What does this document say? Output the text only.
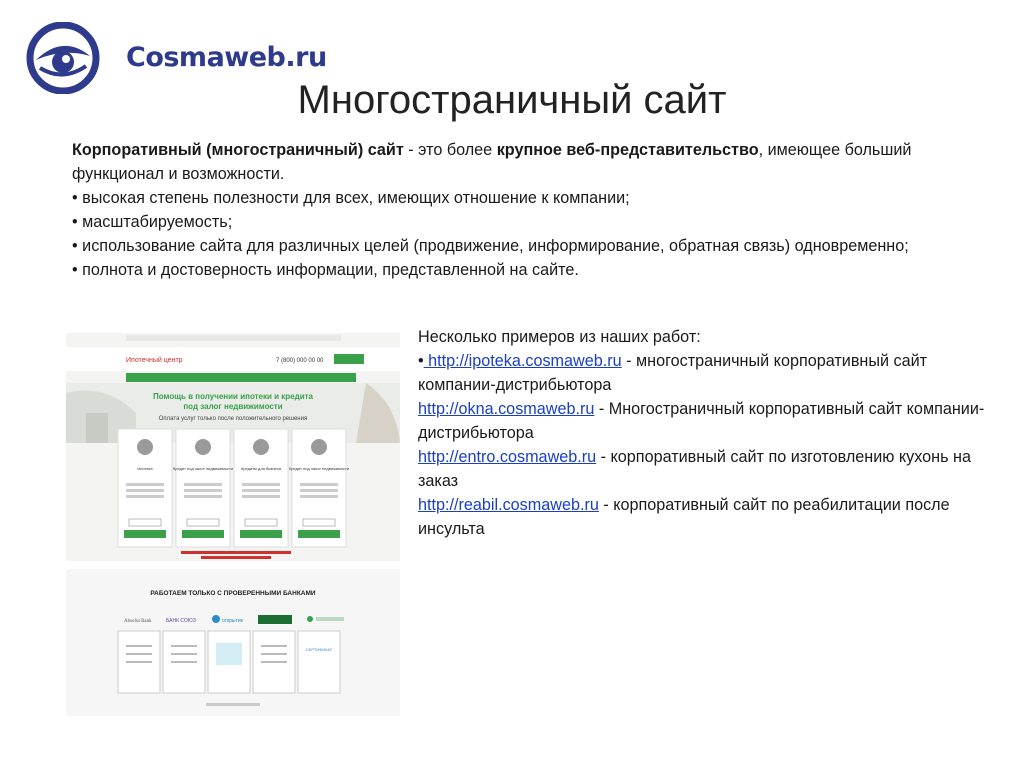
Cosmaweb.ru
Многостраничный сайт

Корпоративный (многостраничный) сайт - это более крупное веб-представительство, имеющее больший функционал и возможности.

• высокая степень полезности для всех, имеющих отношение к компании;

• масштабируемость;

• использование сайта для различных целей (продвижение, информирование, обратная связь) одновременно;

• полнота и достоверность информации, представленной на сайте.

Несколько примеров из наших работ:

• http://ipoteka.cosmaweb.ru - многостраничный корпоративный сайт компании-дистрибьютора

http://okna.cosmaweb.ru - Многостраничный корпоративный сайт компании-дистрибьютора

http://entro.cosmaweb.ru - корпоративный сайт по изготовлению кухонь на заказ

http://reabil.cosmaweb.ru - корпоративный сайт по реабилитации после инсульта

Ипотечный центр	7 (800) 000 00 00
Помощь в получении ипотеки и кредита
под залог недвижимости
Оплата услуг только после положительного решения
Ипотека	Кредит под залог недвижимости Кредиты для бизнеса Кредит под залог недвижимости
РАБОТАЕМ ТОЛЬКО С ПРОВЕРЕННЫМИ БАНКАМИ
Absolut Bank	БАНК СОЮЗ	открытие
СЕРТИФИКАТ
